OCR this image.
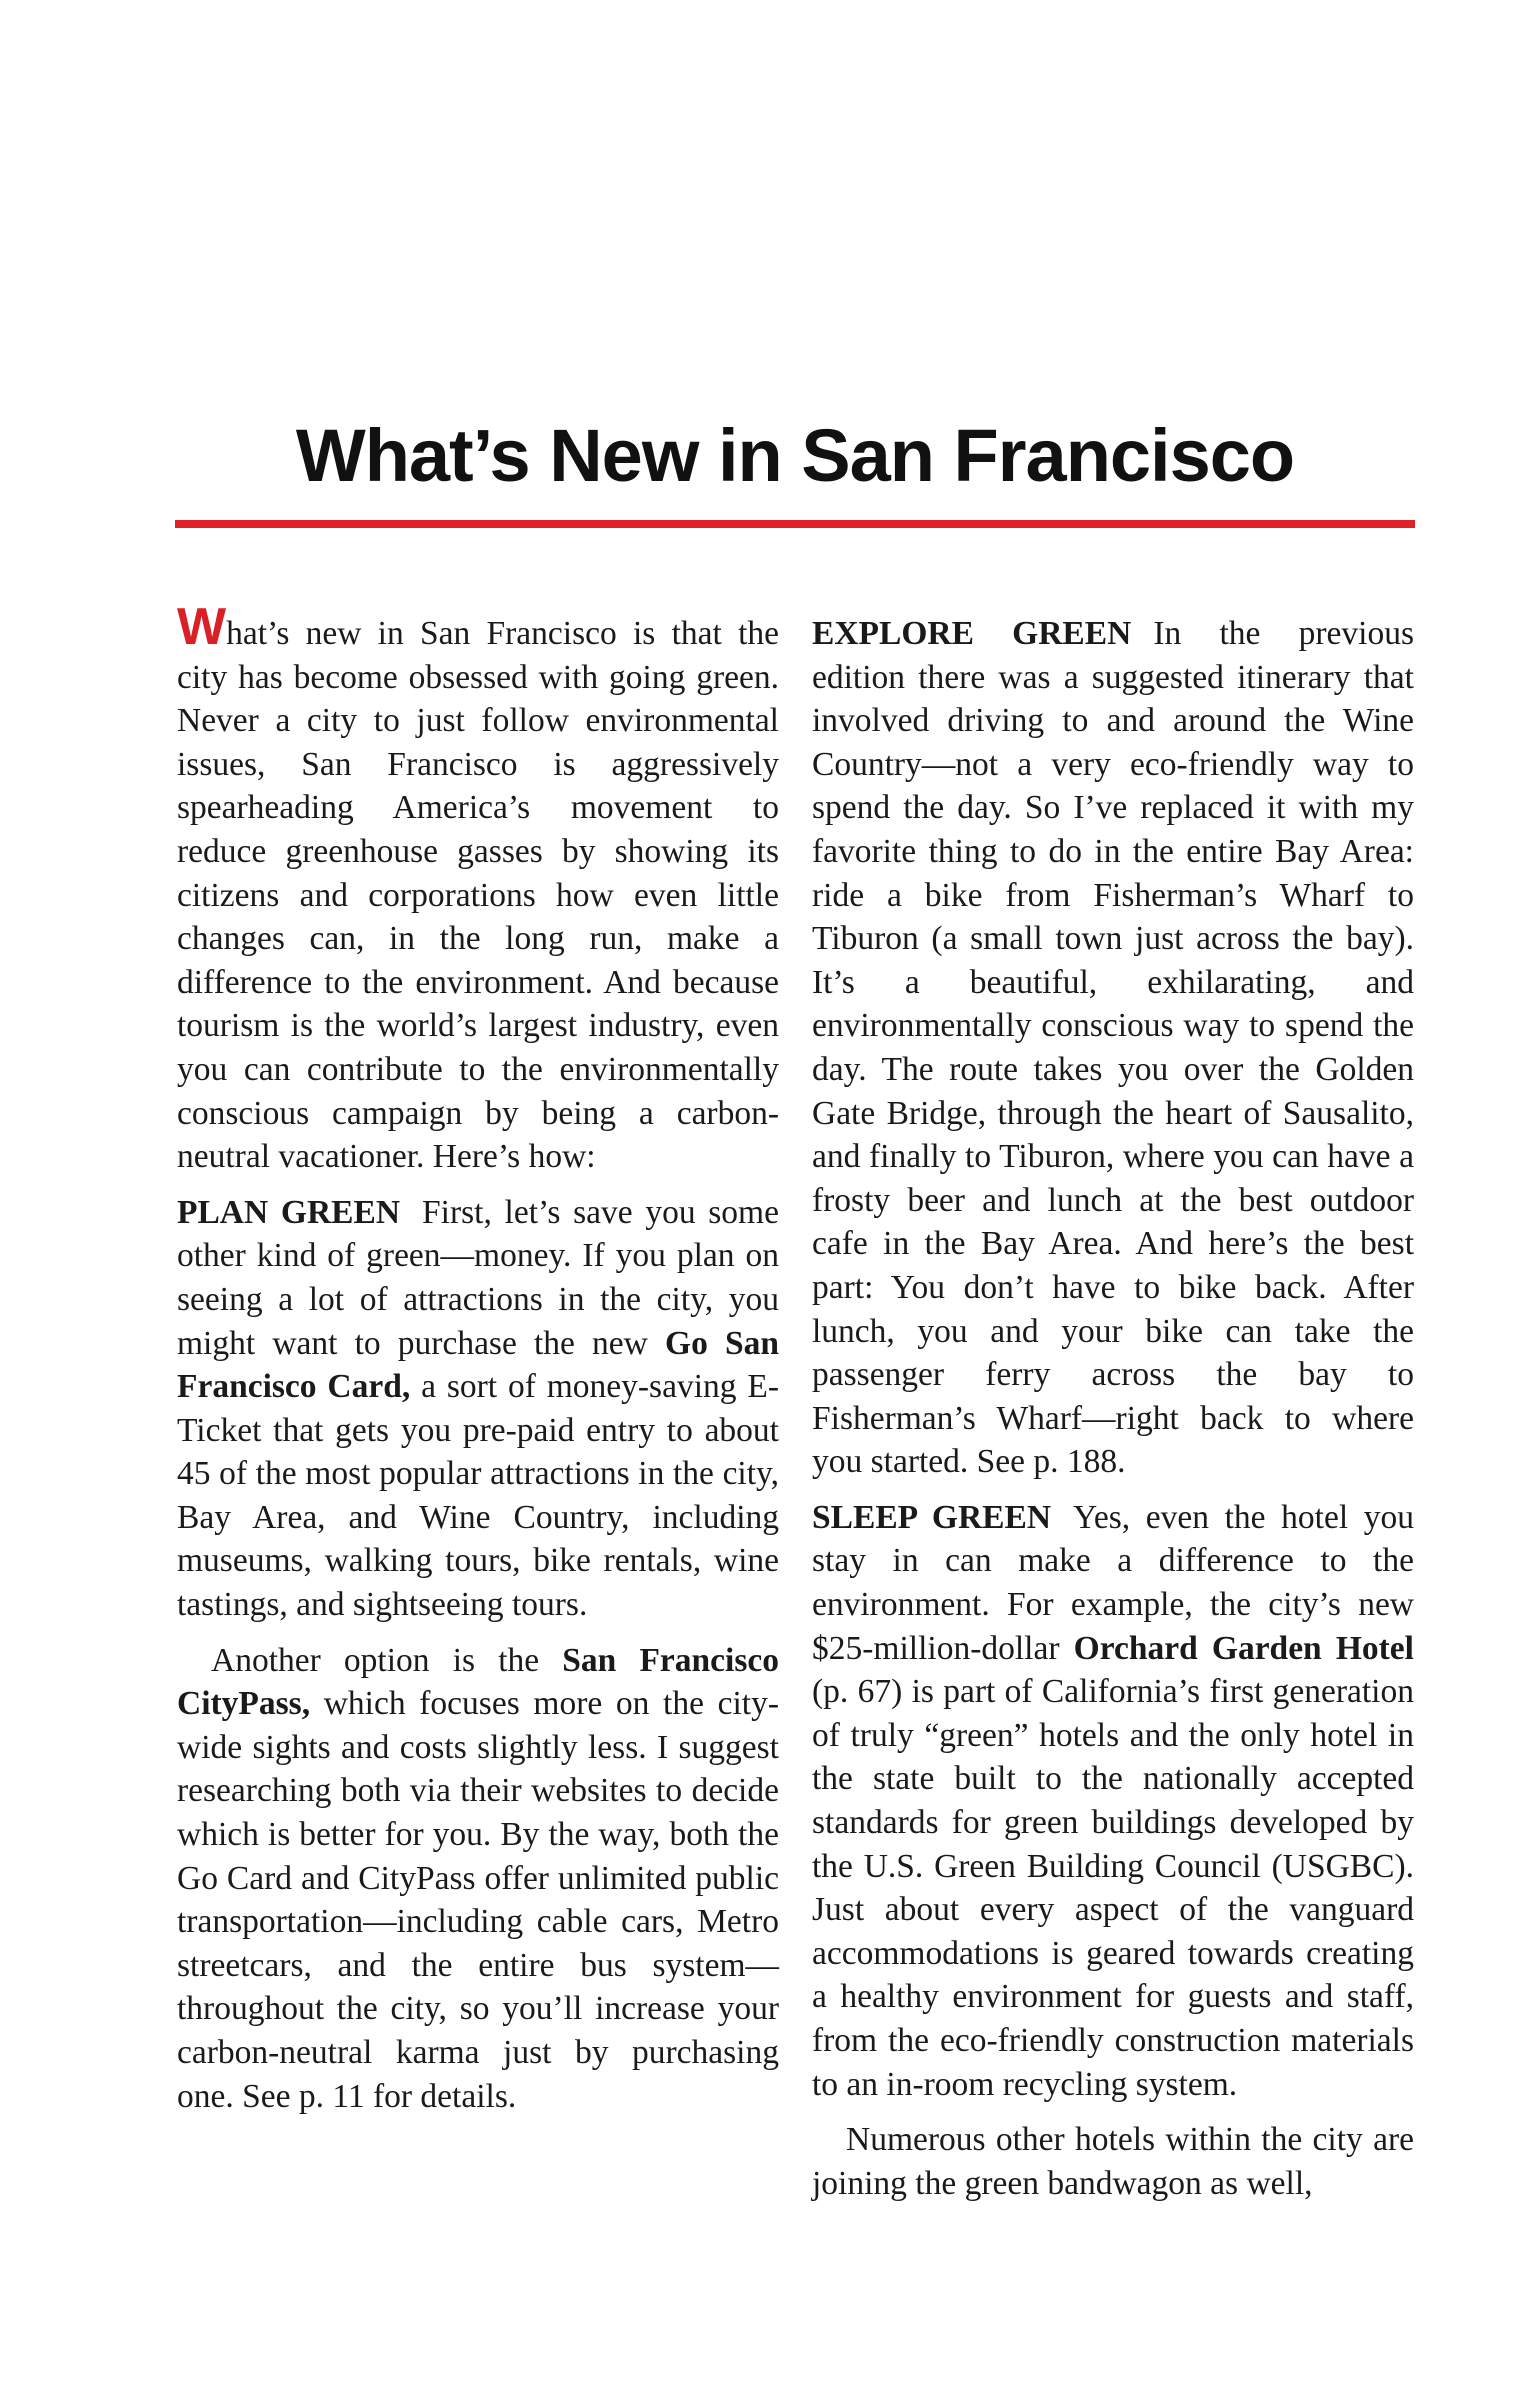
What’s New in San Francisco

What’s new in San Francisco is that the city has become obsessed with going green. Never a city to just follow environmental issues, San Francisco is aggressively spearheading America’s movement to reduce greenhouse gasses by showing its citizens and corporations how even little changes can, in the long run, make a difference to the environment. And because tourism is the world’s largest industry, even you can contribute to the environmentally conscious campaign by being a carbon-neutral vacationer. Here’s how:

PLAN GREEN First, let’s save you some other kind of green—money. If you plan on seeing a lot of attractions in the city, you might want to purchase the new Go San Francisco Card, a sort of money-saving E-Ticket that gets you pre-paid entry to about 45 of the most popular attractions in the city, Bay Area, and Wine Country, including museums, walking tours, bike rentals, wine tastings, and sightseeing tours.

Another option is the San Francisco CityPass, which focuses more on the city-wide sights and costs slightly less. I suggest researching both via their websites to decide which is better for you. By the way, both the Go Card and CityPass offer unlimited public transportation—including cable cars, Metro streetcars, and the entire bus system—throughout the city, so you’ll increase your carbon-neutral karma just by purchasing one. See p. 11 for details.

EXPLORE GREEN In the previous edition there was a suggested itinerary that involved driving to and around the Wine Country—not a very eco-friendly way to spend the day. So I’ve replaced it with my favorite thing to do in the entire Bay Area: ride a bike from Fisherman’s Wharf to Tiburon (a small town just across the bay). It’s a beautiful, exhilarating, and environmentally conscious way to spend the day. The route takes you over the Golden Gate Bridge, through the heart of Sausalito, and finally to Tiburon, where you can have a frosty beer and lunch at the best outdoor cafe in the Bay Area. And here’s the best part: You don’t have to bike back. After lunch, you and your bike can take the passenger ferry across the bay to Fisherman’s Wharf—right back to where you started. See p. 188.

SLEEP GREEN Yes, even the hotel you stay in can make a difference to the environment. For example, the city’s new $25-million-dollar Orchard Garden Hotel (p. 67) is part of California’s first generation of truly “green” hotels and the only hotel in the state built to the nationally accepted standards for green buildings developed by the U.S. Green Building Council (USGBC). Just about every aspect of the vanguard accommodations is geared towards creating a healthy environment for guests and staff, from the eco-friendly construction materials to an in-room recycling system.

Numerous other hotels within the city are joining the green bandwagon as well,
